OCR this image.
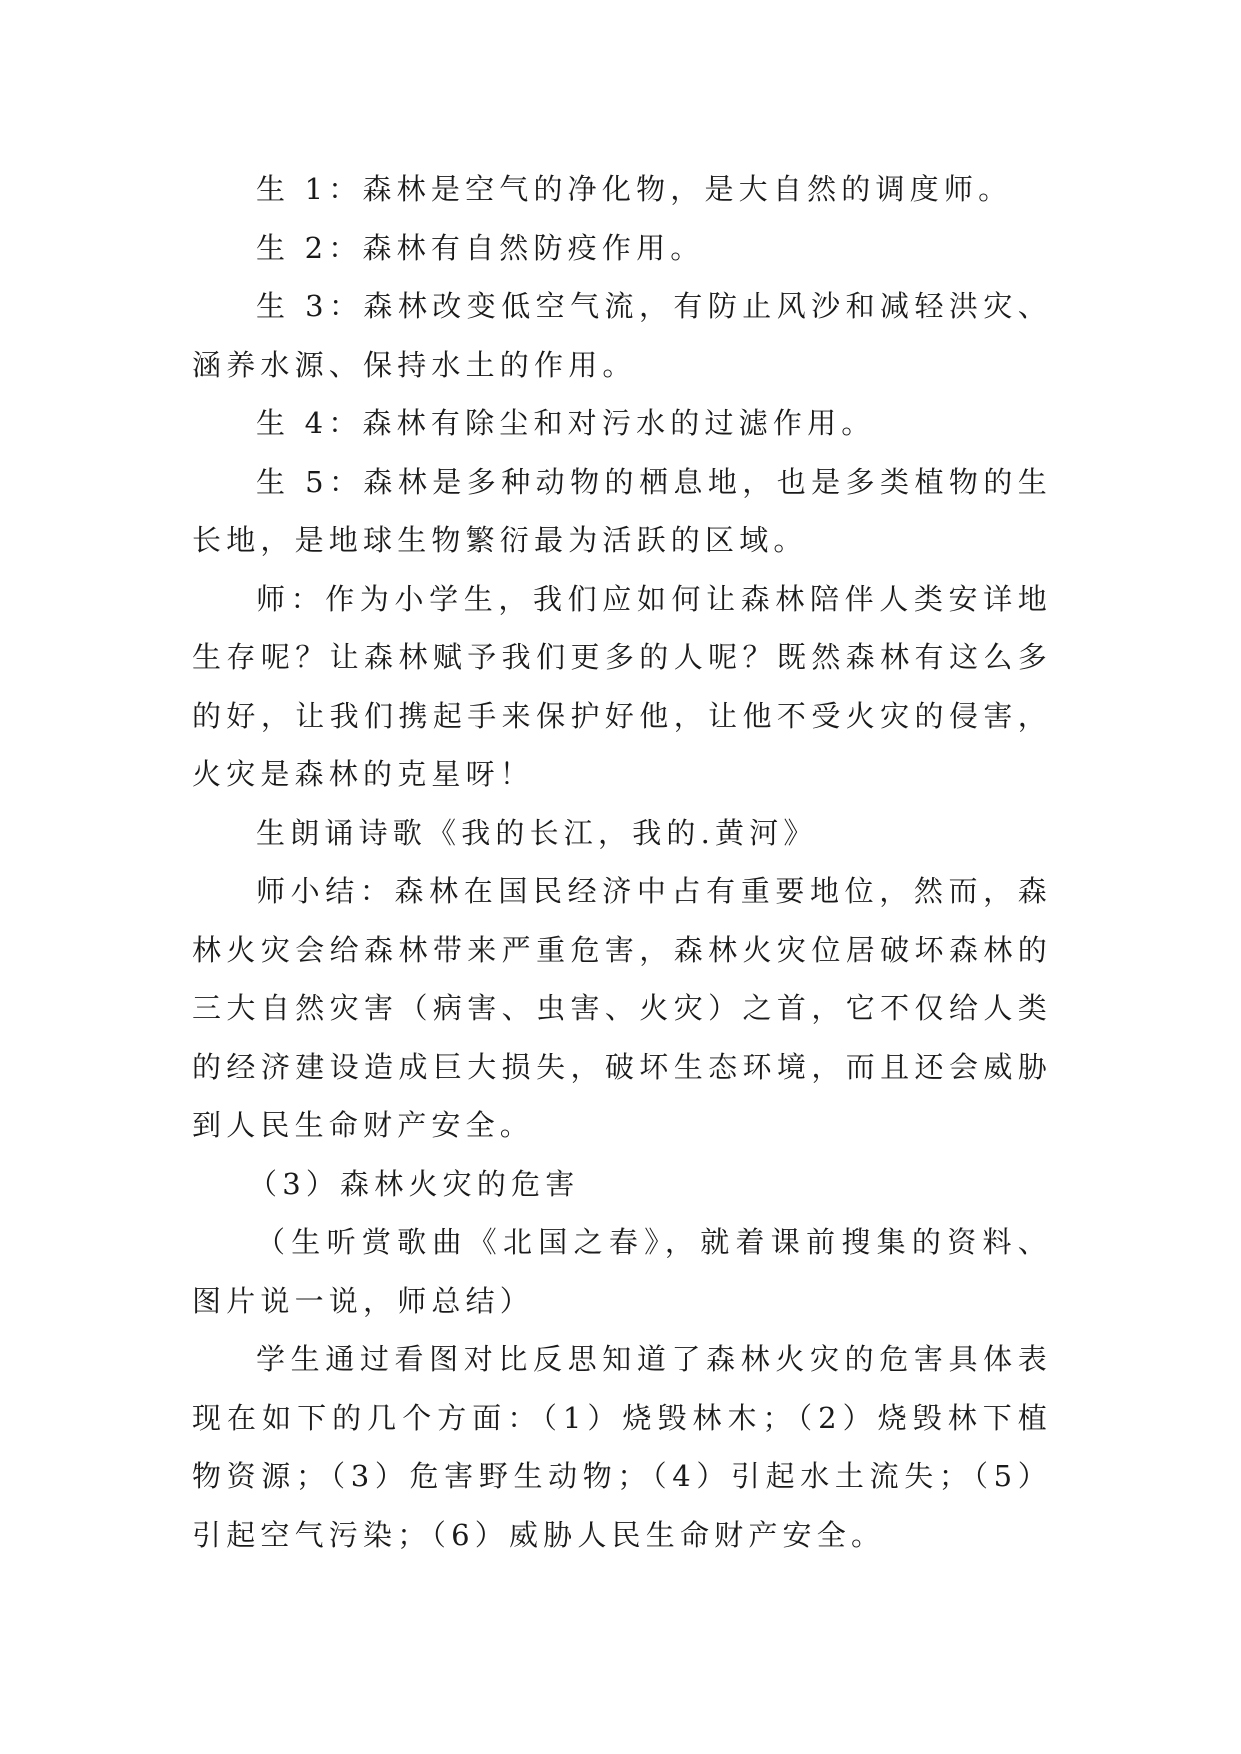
生 1：森林是空气的净化物，是大自然的调度师。

生 2：森林有自然防疫作用。

生 3：森林改变低空气流，有防止风沙和减轻洪灾、涵养水源、保持水土的作用。

生 4：森林有除尘和对污水的过滤作用。

生 5：森林是多种动物的栖息地，也是多类植物的生长地，是地球生物繁衍最为活跃的区域。

师：作为小学生，我们应如何让森林陪伴人类安详地生存呢？让森林赋予我们更多的人呢？既然森林有这么多的好，让我们携起手来保护好他，让他不受火灾的侵害，火灾是森林的克星呀！

生朗诵诗歌《我的长江，我的.黄河》

师小结：森林在国民经济中占有重要地位，然而，森林火灾会给森林带来严重危害，森林火灾位居破坏森林的三大自然灾害（病害、虫害、火灾）之首，它不仅给人类的经济建设造成巨大损失，破坏生态环境，而且还会威胁到人民生命财产安全。

（3）森林火灾的危害

（生听赏歌曲《北国之春》，就着课前搜集的资料、图片说一说，师总结）

学生通过看图对比反思知道了森林火灾的危害具体表现在如下的几个方面：（1）烧毁林木；（2）烧毁林下植物资源；（3）危害野生动物；（4）引起水土流失；（5）引起空气污染；（6）威胁人民生命财产安全。
